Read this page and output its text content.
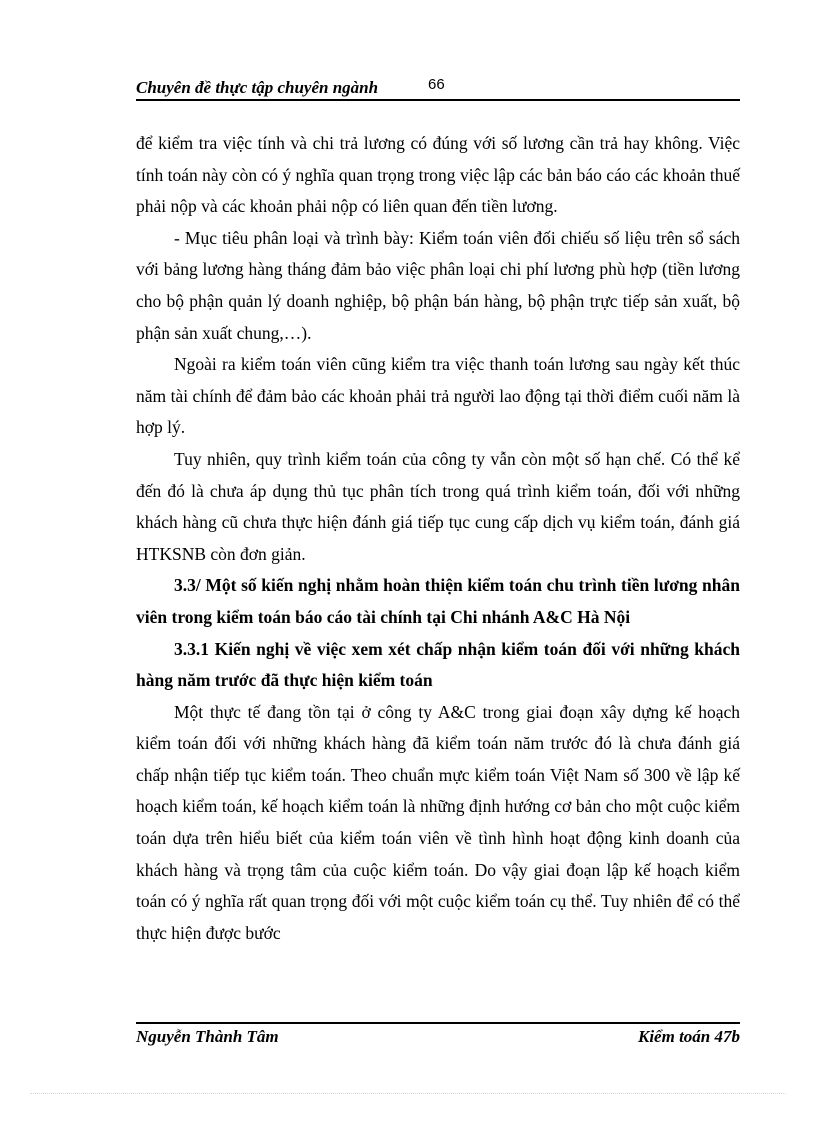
Chuyên đề thực tập chuyên ngành	66

để kiểm tra việc tính và chi trả lương có đúng với số lương cần trả hay không. Việc tính toán này còn có ý nghĩa quan trọng trong việc lập các bản báo cáo các khoản thuế phải nộp và các khoản phải nộp có liên quan đến tiền lương.

- Mục tiêu phân loại và trình bày: Kiểm toán viên đối chiếu số liệu trên sổ sách với bảng lương hàng tháng đảm bảo việc phân loại chi phí lương phù hợp (tiền lương cho bộ phận quản lý doanh nghiệp, bộ phận bán hàng, bộ phận trực tiếp sản xuất, bộ phận sản xuất chung,…).

Ngoài ra kiểm toán viên cũng kiểm tra việc thanh toán lương sau ngày kết thúc năm tài chính để đảm bảo các khoản phải trả người lao động tại thời điểm cuối năm là hợp lý.

Tuy nhiên, quy trình kiểm toán của công ty vẫn còn một số hạn chế. Có thể kể đến đó là chưa áp dụng thủ tục phân tích trong quá trình kiểm toán, đối với những khách hàng cũ chưa thực hiện đánh giá tiếp tục cung cấp dịch vụ kiểm toán, đánh giá HTKSNB còn đơn giản.

3.3/ Một số kiến nghị nhằm hoàn thiện kiểm toán chu trình tiền lương nhân viên trong kiểm toán báo cáo tài chính tại Chi nhánh A&C Hà Nội

3.3.1 Kiến nghị về việc xem xét chấp nhận kiểm toán đối với những khách hàng năm trước đã thực hiện kiểm toán

Một thực tế đang tồn tại ở công ty A&C trong giai đoạn xây dựng kế hoạch kiểm toán đối với những khách hàng đã kiểm toán năm trước đó là chưa đánh giá chấp nhận tiếp tục kiểm toán. Theo chuẩn mực kiểm toán Việt Nam số 300 về lập kế hoạch kiểm toán, kế hoạch kiểm toán là những định hướng cơ bản cho một cuộc kiểm toán dựa trên hiểu biết của kiểm toán viên về tình hình hoạt động kinh doanh của khách hàng và trọng tâm của cuộc kiểm toán. Do vậy giai đoạn lập kế hoạch kiểm toán có ý nghĩa rất quan trọng đối với một cuộc kiểm toán cụ thể. Tuy nhiên để có thể thực hiện được bước

Nguyễn Thành Tâm	Kiểm toán 47b
